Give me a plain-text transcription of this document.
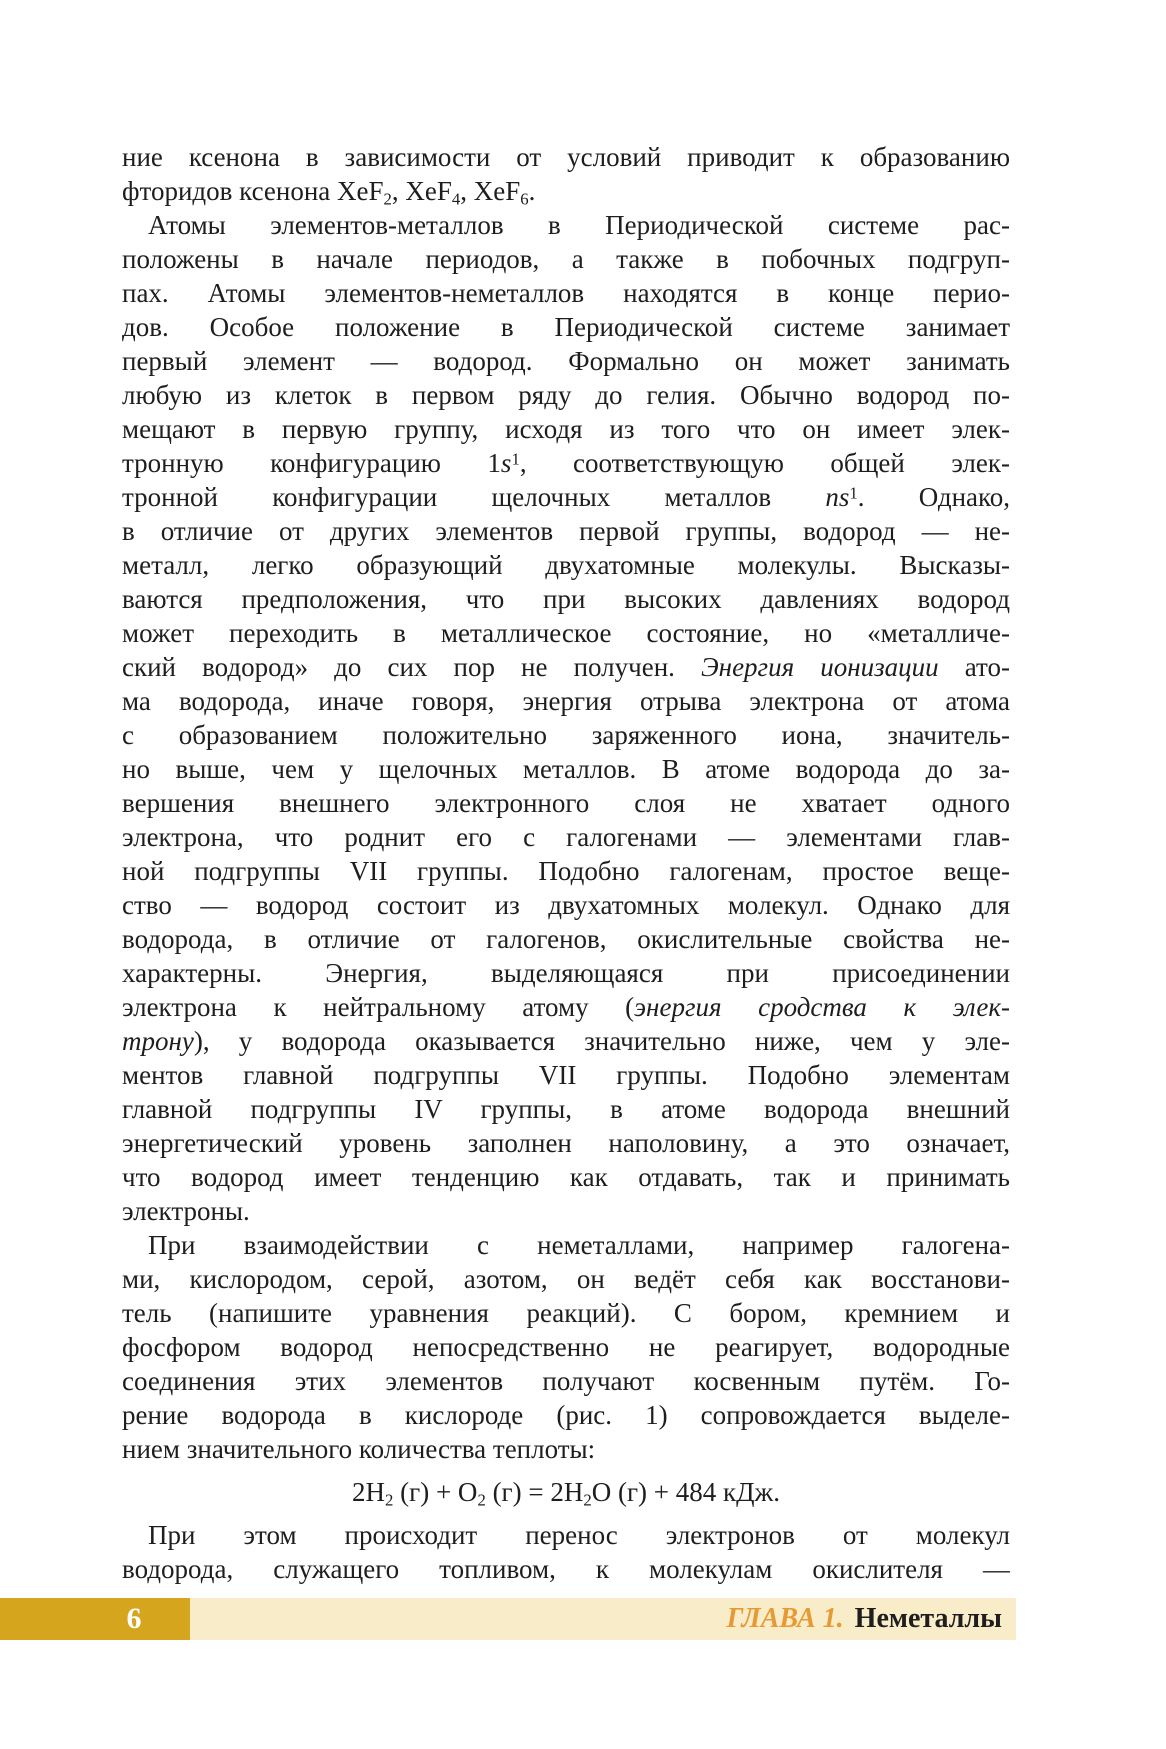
ние ксенона в зависимости от условий приводит к образованию
фторидов ксенона XeF$_2$, XeF$_4$, XeF$_6$.
Атомы элементов-металлов в Периодической системе рас-
положены в начале периодов, а также в побочных подгруп-
пах. Атомы элементов-неметаллов находятся в конце перио-
дов. Особое положение в Периодической системе занимает
первый элемент — водород. Формально он может занимать
любую из клеток в первом ряду до гелия. Обычно водород по-
мещают в первую группу, исходя из того что он имеет элек-
тронную конфигурацию $1s^1$, соответствующую общей элек-
тронной конфигурации щелочных металлов $ns^1$. Однако,
в отличие от других элементов первой группы, водород — не-
металл, легко образующий двухатомные молекулы. Высказы-
ваются предположения, что при высоких давлениях водород
может переходить в металлическое состояние, но «металличе-
ский водород» до сих пор не получен. Энергия ионизации ато-
ма водорода, иначе говоря, энергия отрыва электрона от атома
с образованием положительно заряженного иона, значитель-
но выше, чем у щелочных металлов. В атоме водорода до за-
вершения внешнего электронного слоя не хватает одного
электрона, что роднит его с галогенами — элементами глав-
ной подгруппы VII группы. Подобно галогенам, простое веще-
ство — водород состоит из двухатомных молекул. Однако для
водорода, в отличие от галогенов, окислительные свойства не-
характерны. Энергия, выделяющаяся при присоединении
электрона к нейтральному атому (энергия сродства к элек-
трону), у водорода оказывается значительно ниже, чем у эле-
ментов главной подгруппы VII группы. Подобно элементам
главной подгруппы IV группы, в атоме водорода внешний
энергетический уровень заполнен наполовину, а это означает,
что водород имеет тенденцию как отдавать, так и принимать
электроны.
При взаимодействии с неметаллами, например галогена-
ми, кислородом, серой, азотом, он ведёт себя как восстанови-
тель (напишите уравнения реакций). С бором, кремнием и
фосфором водород непосредственно не реагирует, водородные
соединения этих элементов получают косвенным путём. Го-
рение водорода в кислороде (рис. 1) сопровождается выделе-
нием значительного количества теплоты:
$2H_2$ $(г) + O_2$ $(г) = 2H_2O$ (г) + 484 кДж.
При этом происходит перенос электронов от молекул
водорода, служащего топливом, к молекулам окислителя —
6	ГЛАВА 1. Неметаллы
